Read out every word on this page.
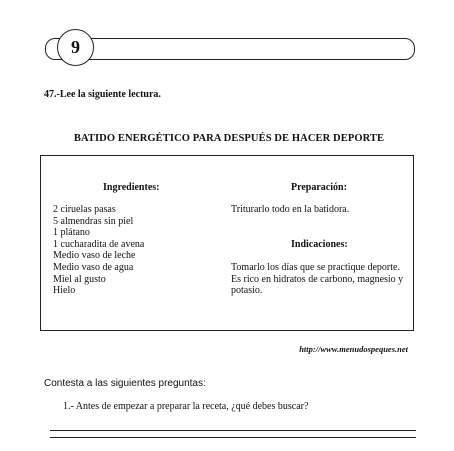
9
47.-Lee la siguiente lectura.
BATIDO ENERGÉTICO PARA DESPUÉS DE HACER DEPORTE
Ingredientes:
2 ciruelas pasas
5 almendras sin piel
1 plátano
1 cucharadita de avena
Medio vaso de leche
Medio vaso de agua
Miel al gusto
Hielo
Preparación:
Triturarlo todo en la batidora.
Indicaciones:
Tomarlo los días que se practique deporte.
Es rico en hidratos de carbono, magnesio y potasio.
http://www.menudospeques.net
Contesta a las siguientes preguntas:
1.- Antes de empezar a preparar la receta, ¿qué debes buscar?
